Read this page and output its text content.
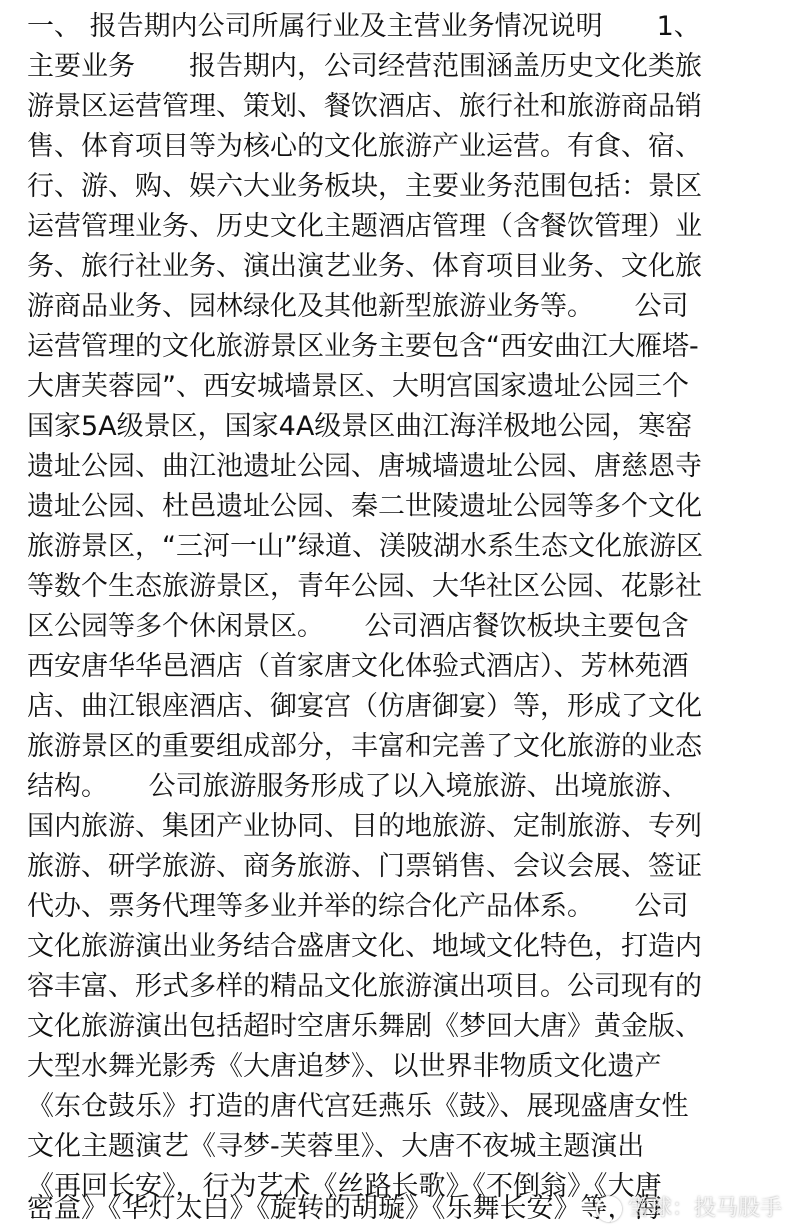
一、 报告期内公司所属行业及主营业务情况说明　　1、
主要业务　　报告期内，公司经营范围涵盖历史文化类旅
游景区运营管理、策划、餐饮酒店、旅行社和旅游商品销
售、体育项目等为核心的文化旅游产业运营。有食、宿、
行、游、购、娱六大业务板块，主要业务范围包括：景区
运营管理业务、历史文化主题酒店管理（含餐饮管理）业
务、旅行社业务、演出演艺业务、体育项目业务、文化旅
游商品业务、园林绿化及其他新型旅游业务等。　　公司
运营管理的文化旅游景区业务主要包含“西安曲江大雁塔-
大唐芙蓉园”、西安城墙景区、大明宫国家遗址公园三个
国家5A级景区，国家4A级景区曲江海洋极地公园，寒窑
遗址公园、曲江池遗址公园、唐城墙遗址公园、唐慈恩寺
遗址公园、杜邑遗址公园、秦二世陵遗址公园等多个文化
旅游景区，“三河一山”绿道、渼陂湖水系生态文化旅游区
等数个生态旅游景区，青年公园、大华社区公园、花影社
区公园等多个休闲景区。　　公司酒店餐饮板块主要包含
西安唐华华邑酒店（首家唐文化体验式酒店）、芳林苑酒
店、曲江银座酒店、御宴宫（仿唐御宴）等，形成了文化
旅游景区的重要组成部分，丰富和完善了文化旅游的业态
结构。　　公司旅游服务形成了以入境旅游、出境旅游、
国内旅游、集团产业协同、目的地旅游、定制旅游、专列
旅游、研学旅游、商务旅游、门票销售、会议会展、签证
代办、票务代理等多业并举的综合化产品体系。　　公司
文化旅游演出业务结合盛唐文化、地域文化特色，打造内
容丰富、形式多样的精品文化旅游演出项目。公司现有的
文化旅游演出包括超时空唐乐舞剧《梦回大唐》黄金版、
大型水舞光影秀《大唐追梦》、以世界非物质文化遗产
《东仓鼓乐》打造的唐代宫廷燕乐《鼓》、展现盛唐女性
文化主题演艺《寻梦-芙蓉里》、大唐不夜城主题演出
《再回长安》，行为艺术《丝路长歌》《不倒翁》《大唐
密盒》《华灯太白》《旋转的胡璇》《乐舞长安》等，海
雪球：投马股手
